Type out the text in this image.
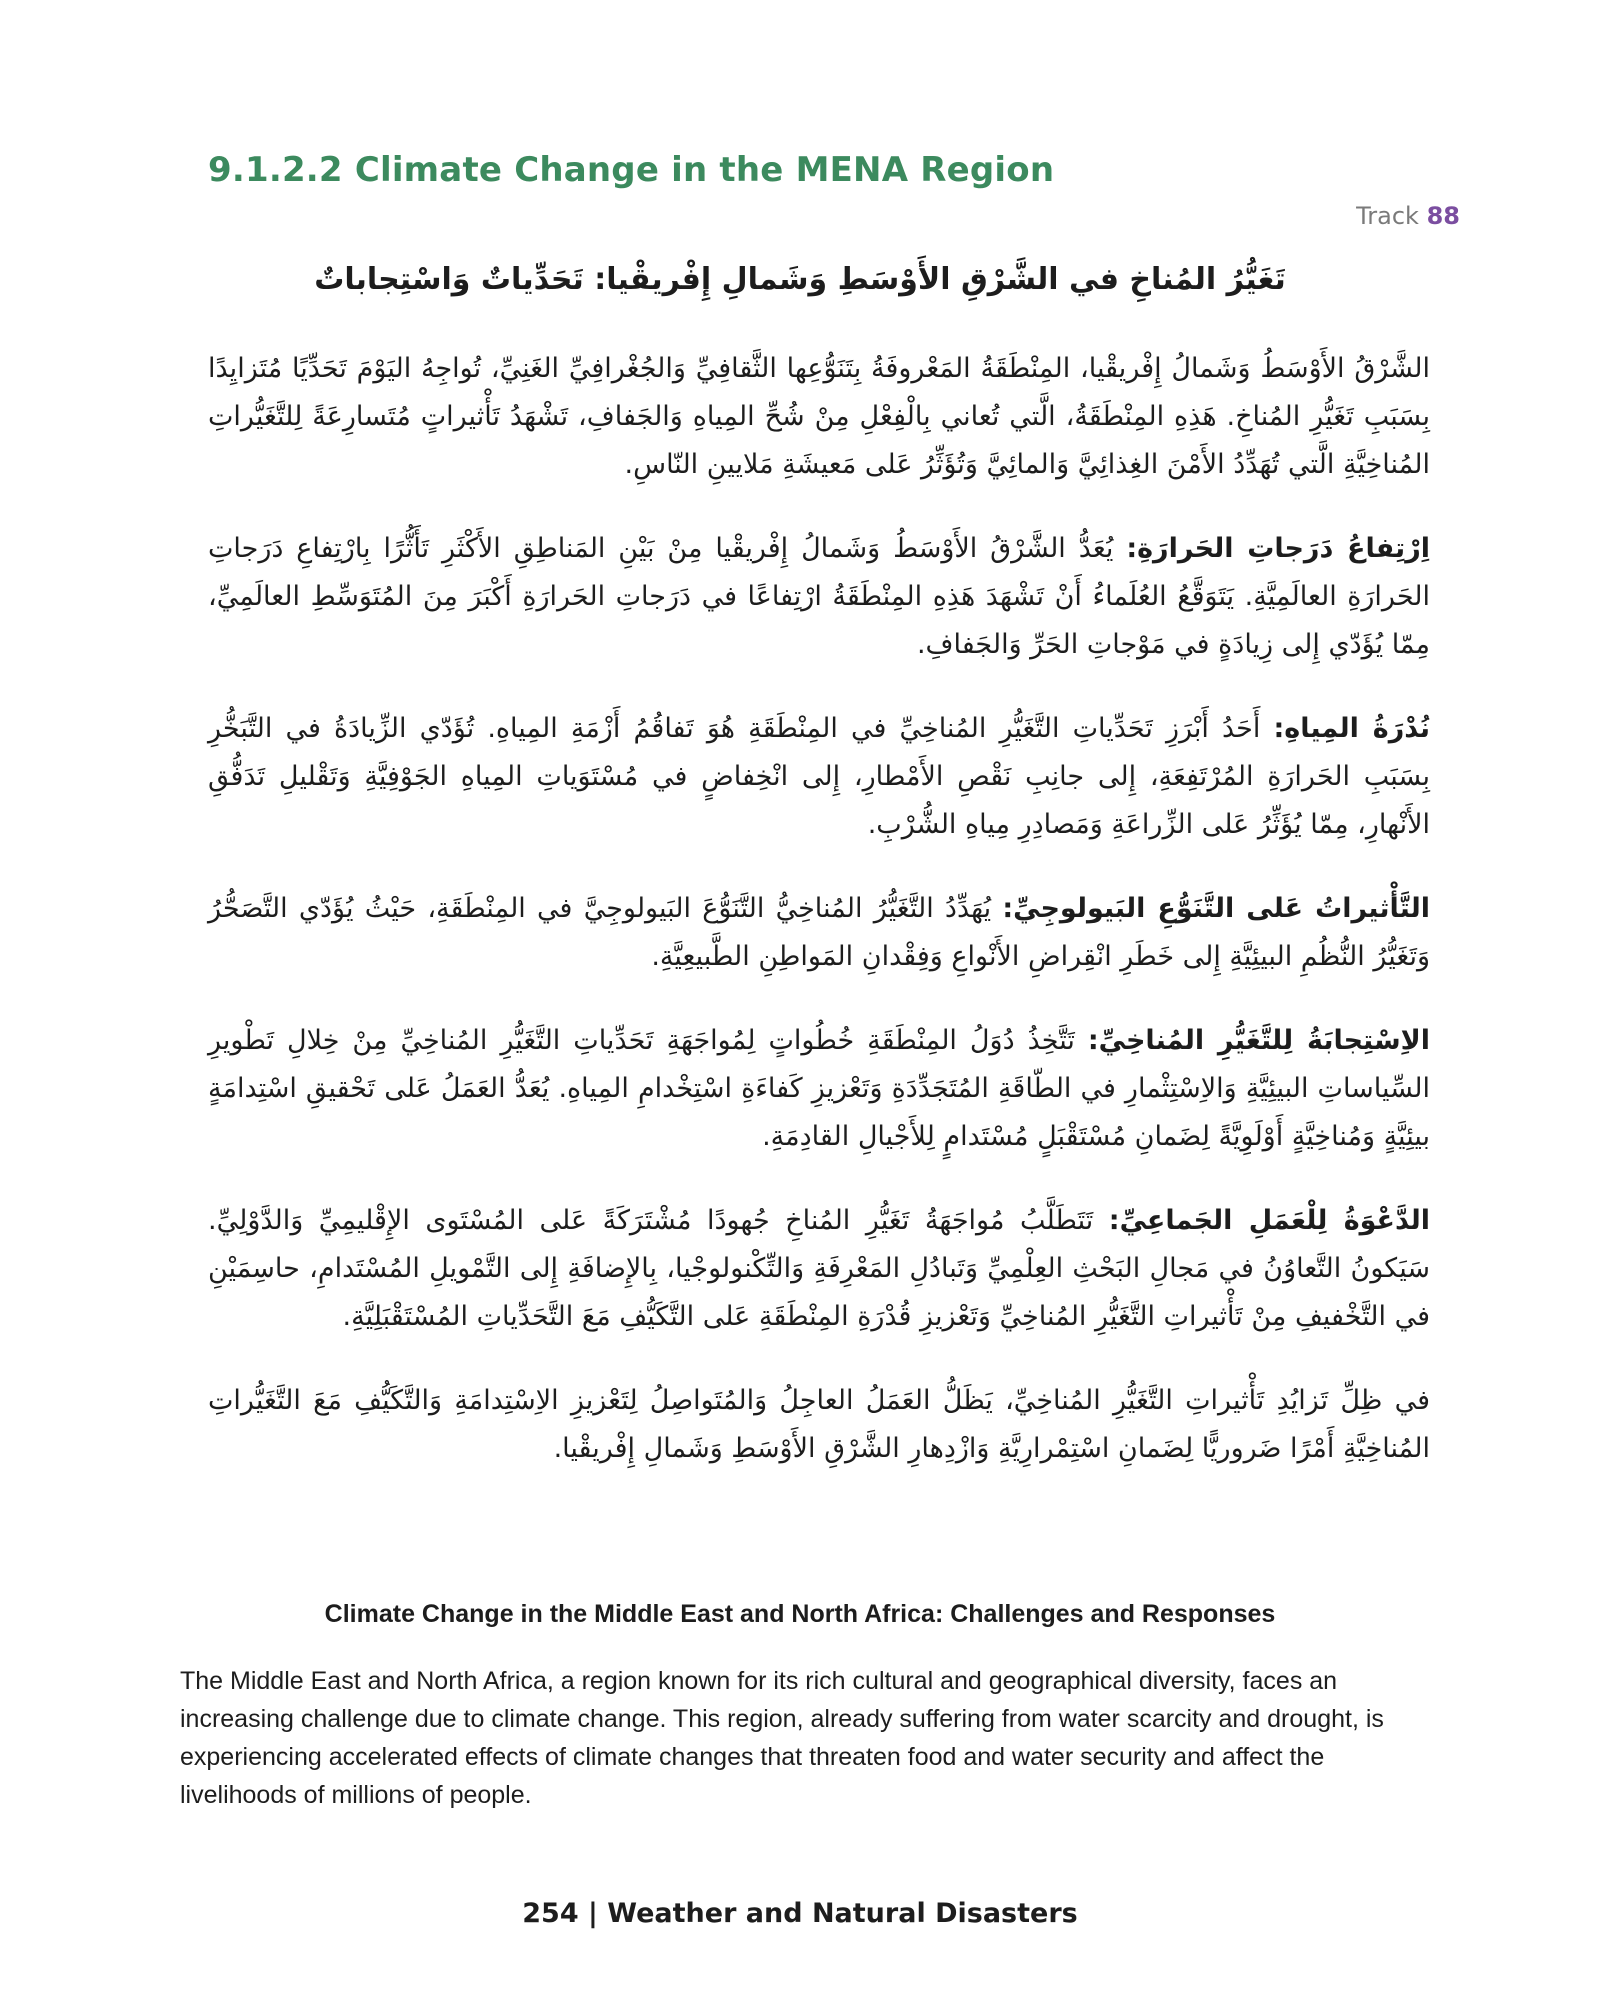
9.1.2.2 Climate Change in the MENA Region
Track 88
تَغَيُّرُ المُناخِ في الشَّرْقِ الأَوْسَطِ وَشَمالِ إِفْريقْيا: تَحَدِّياتٌ وَاسْتِجاباتٌ

الشَّرْقُ الأَوْسَطُ وَشَمالُ إِفْريقْيا، المِنْطَقَةُ المَعْروفَةُ بِتَنَوُّعِها الثَّقافِيِّ وَالجُغْرافِيِّ الغَنِيِّ، تُواجِهُ اليَوْمَ تَحَدِّيًا مُتَزايِدًا بِسَبَبِ تَغَيُّرِ المُناخِ. هَذِهِ المِنْطَقَةُ، الَّتي تُعاني بِالْفِعْلِ مِنْ شُحِّ المِياهِ وَالجَفافِ، تَشْهَدُ تَأْثيراتٍ مُتَسارِعَةً لِلتَّغَيُّراتِ المُناخِيَّةِ الَّتي تُهَدِّدُ الأَمْنَ الغِذائِيَّ وَالمائِيَّ وَتُؤَثِّرُ عَلى مَعيشَةِ مَلايينِ النّاسِ.

اِرْتِفاعُ دَرَجاتِ الحَرارَةِ: يُعَدُّ الشَّرْقُ الأَوْسَطُ وَشَمالُ إِفْريقْيا مِنْ بَيْنِ المَناطِقِ الأَكْثَرِ تَأَثُّرًا بِارْتِفاعِ دَرَجاتِ الحَرارَةِ العالَمِيَّةِ. يَتَوَقَّعُ العُلَماءُ أَنْ تَشْهَدَ هَذِهِ المِنْطَقَةُ ارْتِفاعًا في دَرَجاتِ الحَرارَةِ أَكْبَرَ مِنَ المُتَوَسِّطِ العالَمِيِّ، مِمّا يُؤَدّي إِلى زِيادَةٍ في مَوْجاتِ الحَرِّ وَالجَفافِ.

نُدْرَةُ المِياهِ: أَحَدُ أَبْرَزِ تَحَدِّياتِ التَّغَيُّرِ المُناخِيِّ في المِنْطَقَةِ هُوَ تَفاقُمُ أَزْمَةِ المِياهِ. تُؤَدّي الزِّيادَةُ في التَّبَخُّرِ بِسَبَبِ الحَرارَةِ المُرْتَفِعَةِ، إِلى جانِبِ نَقْصِ الأَمْطارِ، إِلى انْخِفاضٍ في مُسْتَوَياتِ المِياهِ الجَوْفِيَّةِ وَتَقْليلِ تَدَفُّقِ الأَنْهارِ، مِمّا يُؤَثِّرُ عَلى الزِّراعَةِ وَمَصادِرِ مِياهِ الشُّرْبِ.

التَّأْثيراتُ عَلى التَّنَوُّعِ البَيولوجِيِّ: يُهَدِّدُ التَّغَيُّرُ المُناخِيُّ التَّنَوُّعَ البَيولوجِيَّ في المِنْطَقَةِ، حَيْثُ يُؤَدّي التَّصَحُّرُ وَتَغَيُّرُ النُّظُمِ البيئِيَّةِ إِلى خَطَرِ انْقِراضِ الأَنْواعِ وَفِقْدانِ المَواطِنِ الطَّبيعِيَّةِ.

الاِسْتِجابَةُ لِلتَّغَيُّرِ المُناخِيِّ: تَتَّخِذُ دُوَلُ المِنْطَقَةِ خُطُواتٍ لِمُواجَهَةِ تَحَدِّياتِ التَّغَيُّرِ المُناخِيِّ مِنْ خِلالِ تَطْويرِ السِّياساتِ البيئِيَّةِ وَالاِسْتِثْمارِ في الطّاقَةِ المُتَجَدِّدَةِ وَتَعْزيزِ كَفاءَةِ اسْتِخْدامِ المِياهِ. يُعَدُّ العَمَلُ عَلى تَحْقيقِ اسْتِدامَةٍ بيئِيَّةٍ وَمُناخِيَّةٍ أَوْلَوِيَّةً لِضَمانِ مُسْتَقْبَلٍ مُسْتَدامٍ لِلأَجْيالِ القادِمَةِ.

الدَّعْوَةُ لِلْعَمَلِ الجَماعِيِّ: تَتَطَلَّبُ مُواجَهَةُ تَغَيُّرِ المُناخِ جُهودًا مُشْتَرَكَةً عَلى المُسْتَوى الإِقْليمِيِّ وَالدَّوْلِيِّ. سَيَكونُ التَّعاوُنُ في مَجالِ البَحْثِ العِلْمِيِّ وَتَبادُلِ المَعْرِفَةِ وَالتِّكْنولوجْيا، بِالإِضافَةِ إِلى التَّمْويلِ المُسْتَدامِ، حاسِمَيْنِ في التَّخْفيفِ مِنْ تَأْثيراتِ التَّغَيُّرِ المُناخِيِّ وَتَعْزيزِ قُدْرَةِ المِنْطَقَةِ عَلى التَّكَيُّفِ مَعَ التَّحَدِّياتِ المُسْتَقْبَلِيَّةِ.

في ظِلِّ تَزايُدِ تَأْثيراتِ التَّغَيُّرِ المُناخِيِّ، يَظَلُّ العَمَلُ العاجِلُ وَالمُتَواصِلُ لِتَعْزيزِ الاِسْتِدامَةِ وَالتَّكَيُّفِ مَعَ التَّغَيُّراتِ المُناخِيَّةِ أَمْرًا ضَروريًّا لِضَمانِ اسْتِمْرارِيَّةِ وَازْدِهارِ الشَّرْقِ الأَوْسَطِ وَشَمالِ إِفْريقْيا.

Climate Change in the Middle East and North Africa: Challenges and Responses

The Middle East and North Africa, a region known for its rich cultural and geographical diversity, faces an increasing challenge due to climate change. This region, already suffering from water scarcity and drought, is experiencing accelerated effects of climate changes that threaten food and water security and affect the livelihoods of millions of people.

254 | Weather and Natural Disasters
